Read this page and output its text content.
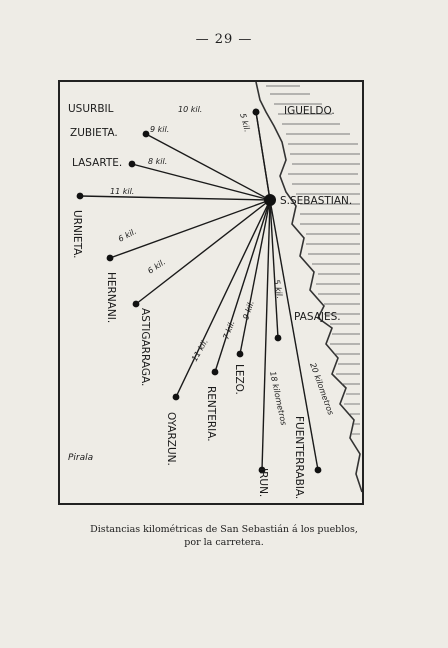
— 29 —
S.SEBASTIAN.
USURBIL
ZUBIETA.
LASARTE.
URNIETA.
HERNANI.
ASTIGARRAGA.
OYARZUN.	RENTERIA.
LEZO.
IRUN. FUENTERRABIA.
PASAJES.
IGUELDO.
10 kil.
9 kil.
8 kil.
11 kil.
6 kil.
6 kil.
11 kil.
7 kil.
9 kil.
18 kilometros 20 kilometros
5 kil.
5 kil.
Pirala
Distancias kilométricas de San Sebastián á los pueblos,
por la carretera.
